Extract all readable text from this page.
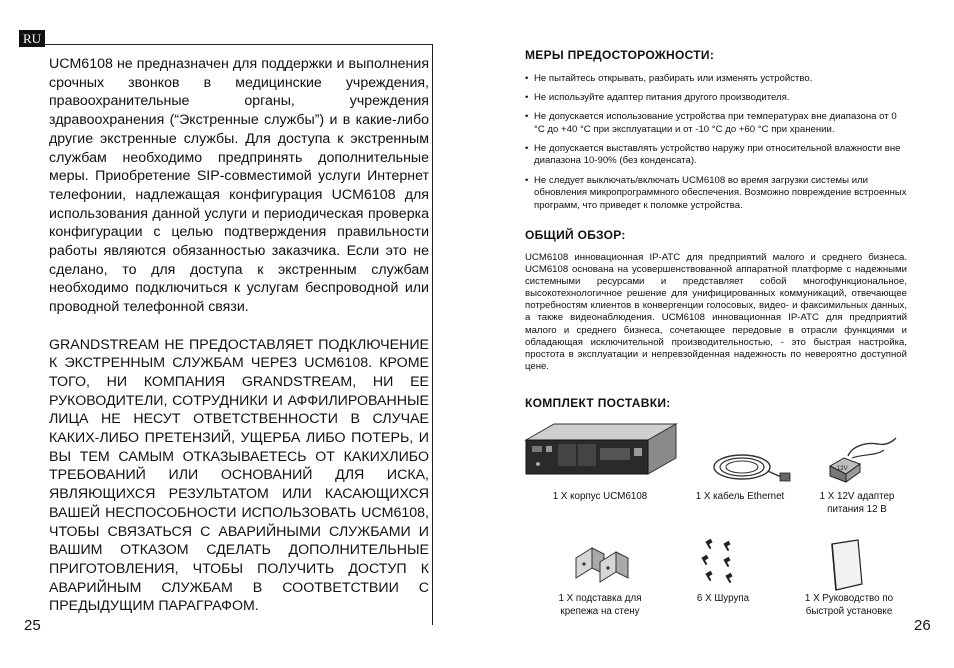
RU

UCM6108 не предназначен для поддержки и выполнения срочных звонков в медицинские учреждения, правоохранительные органы, учреждения здравоохранения (“Экстренные службы”) и в какие-либо другие экстренные службы. Для доступа к экстренным службам необходимо предпринять дополнительные меры. Приобретение SIP-совместимой услуги Интернет телефонии, надлежащая конфигурация UCM6108 для использования данной услуги и периодическая проверка конфигурации с целью подтверждения правильности работы являются обязанностью заказчика. Если это не сделано, то для доступа к экстренным службам необходимо подключиться к услугам беспроводной или проводной телефонной связи.

GRANDSTREAM НЕ ПРЕДОСТАВЛЯЕТ ПОДКЛЮЧЕНИЕ К ЭКСТРЕННЫМ СЛУЖБАМ ЧЕРЕЗ UCM6108. КРОМЕ ТОГО, НИ КОМПАНИЯ GRANDSTREAM, НИ ЕЕ РУКОВОДИТЕЛИ, СОТРУДНИКИ И АФФИЛИРОВАННЫЕ ЛИЦА НЕ НЕСУТ ОТВЕТСТВЕННОСТИ В СЛУЧАЕ КАКИХ-ЛИБО ПРЕТЕНЗИЙ, УЩЕРБА ЛИБО ПОТЕРЬ, И ВЫ ТЕМ САМЫМ ОТКАЗЫВАЕТЕСЬ ОТ КАКИХЛИБО ТРЕБОВАНИЙ ИЛИ ОСНОВАНИЙ ДЛЯ ИСКА, ЯВЛЯЮЩИХСЯ РЕЗУЛЬТАТОМ ИЛИ КАСАЮЩИХСЯ ВАШЕЙ НЕСПОСОБНОСТИ ИСПОЛЬЗОВАТЬ UCM6108, ЧТОБЫ СВЯЗАТЬСЯ С АВАРИЙНЫМИ СЛУЖБАМИ И ВАШИМ ОТКАЗОМ СДЕЛАТЬ ДОПОЛНИТЕЛЬНЫЕ ПРИГОТОВЛЕНИЯ, ЧТОБЫ ПОЛУЧИТЬ ДОСТУП К АВАРИЙНЫМ СЛУЖБАМ В СООТВЕТСТВИИ С ПРЕДЫДУЩИМ ПАРАГРАФОМ.

25
МЕРЫ ПРЕДОСТОРОЖНОСТИ:
• Не пытайтесь открывать, разбирать или изменять устройство.
• Не используйте адаптер питания другого производителя.
• Не допускается использование устройства при температурах вне диапазона от 0 °C до +40 °C при эксплуатации и от -10 °C до +60 °C при хранении.
• Не допускается выставлять устройство наружу при относительной влажности вне диапазона 10-90% (без конденсата).
• Не следует выключать/включать UCM6108 во время загрузки системы или обновления микропрограммного обеспечения. Возможно повреждение встроенных программ, что приведет к поломке устройства.
ОБЩИЙ ОБЗОР:

UCM6108 инновационная IP-АТС для предприятий малого и среднего бизнеса. UCM6108 основана на усовершенствованной аппаратной платформе с надежными системными ресурсами и представляет собой многофункциональное, высокотехнологичное решение для унифицированных коммуникаций, отвечающее потребностям клиентов в конвергенции голосовых, видео- и факсимильных данных, а также видеонаблюдения. UCM6108 инновационная IP-АТС для предприятий малого и среднего бизнеса, сочетающее передовые в отрасли функциями и обладающая исключительной производительностью, - это быстрая настройка, простота в эксплуатации и непревзойденная надежность по невероятно доступной цене.

КОМПЛЕКТ ПОСТАВКИ:
12V
1 X корпус UCM6108	1 X кабель Ethernet	1 X 12V адаптер питания 12 В
1 X подставка для крепежа на стену
6 X Шурупа	1 X Руководство по быстрой установке
26
